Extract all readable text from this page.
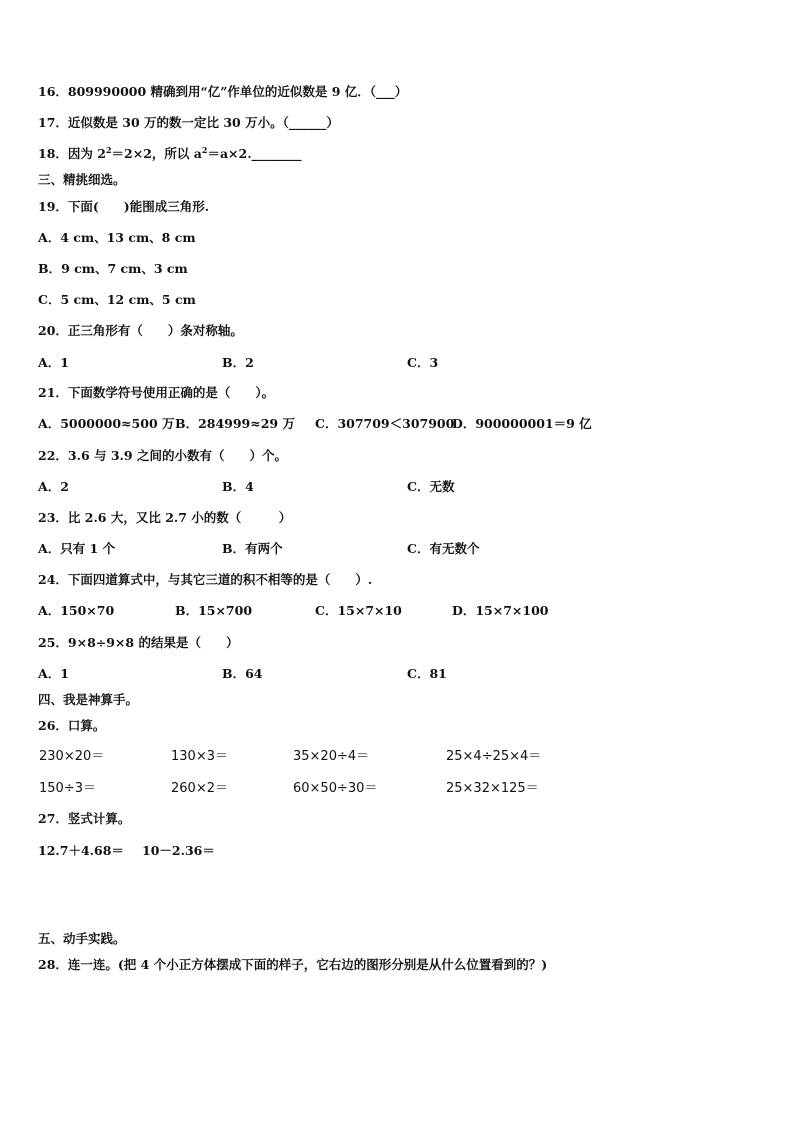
16．809990000 精确到用“亿”作单位的近似数是 9 亿．（___）
17．近似数是 30 万的数一定比 30 万小。（______）
18．因为 $2^2=2\times 2$，所以 $a^2=a\times 2.\_\_\_\_\_\_\_\_$
三、精挑细选。
19．下面(　　)能围成三角形.
A．4 cm、13 cm、8 cm
B．9 cm、7 cm、3 cm
C．5 cm、12 cm、5 cm
20．正三角形有（　　）条对称轴。
A．1	B．2	C．3
21．下面数学符号使用正确的是（　　）。
A．5000000≈500 万 B．284999≈29 万 C．307709＜307900
D．900000001＝9 亿
22．3.6 与 3.9 之间的小数有（　　）个。
A．2	B．4	C．无数
23．比 2.6 大，又比 2.7 小的数（　　　）
A．只有 1 个	B．有两个	C．有无数个
24．下面四道算式中，与其它三道的积不相等的是（　　）.
A．150×70	B．15×700	C．15×7×10	D．15×7×100
25．9×8÷9×8 的结果是（　　）
A．1	B．64	C．81
四、我是神算手。
26．口算。
230×20＝	130×3＝	35×20÷4＝	25×4÷25×4＝
150÷3＝	260×2＝	60×50÷30＝	25×32×125＝
27．竖式计算。
12.7＋4.68＝ 10－2.36＝
五、动手实践。
28．连一连。(把 4 个小正方体摆成下面的样子，它右边的图形分别是从什么位置看到的？)
